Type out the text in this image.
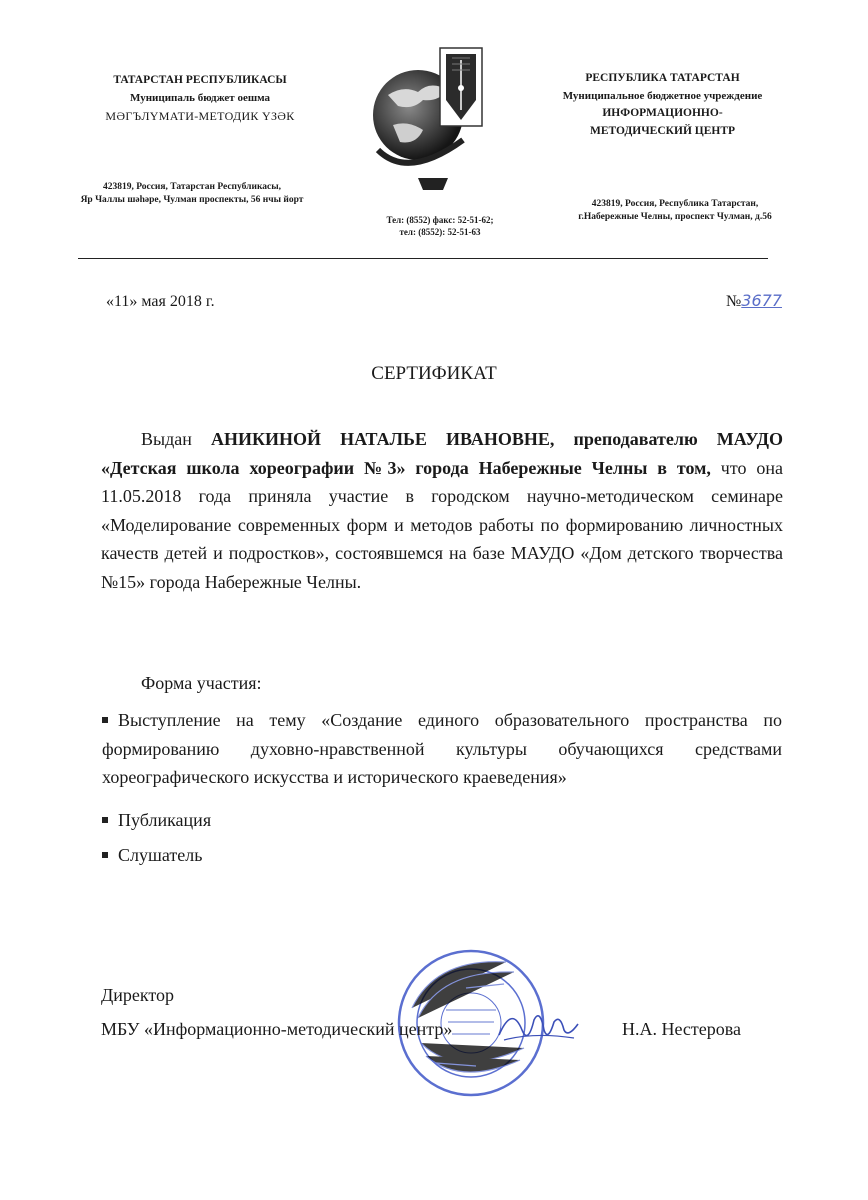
ТАТАРСТАН РЕСПУБЛИКАСЫ
Муниципаль бюджет оешма
МӘГЪЛҮМАТИ-МЕТОДИК ҮЗӘК
423819, Россия, Татарстан Республикасы,
Яр Чаллы шәһәре, Чулман проспекты, 56 нчы йорт
Тел: (8552) факс: 52-51-62;
тел: (8552): 52-51-63
РЕСПУБЛИКА ТАТАРСТАН
Муниципальное бюджетное учреждение
ИНФОРМАЦИОННО-
МЕТОДИЧЕСКИЙ ЦЕНТР
423819, Россия, Республика Татарстан,
г.Набережные Челны, проспект Чулман, д.56
«11» мая 2018 г.	№3677
СЕРТИФИКАТ

Выдан АНИКИНОЙ НАТАЛЬЕ ИВАНОВНЕ, преподавателю МАУДО «Детская школа хореографии №3» города Набережные Челны в том, что она 11.05.2018 года приняла участие в городском научно-методическом семинаре «Моделирование современных форм и методов работы по формированию личностных качеств детей и подростков», состоявшемся на базе МАУДО «Дом детского творчества №15» города Набережные Челны.

Форма участия:
Выступление на тему «Создание единого образовательного пространства по формированию духовно-нравственной культуры обучающихся средствами хореографического искусства и исторического краеведения»
Публикация
Слушатель
Директор
МБУ «Информационно-методический центр»	Н.А. Нестерова
